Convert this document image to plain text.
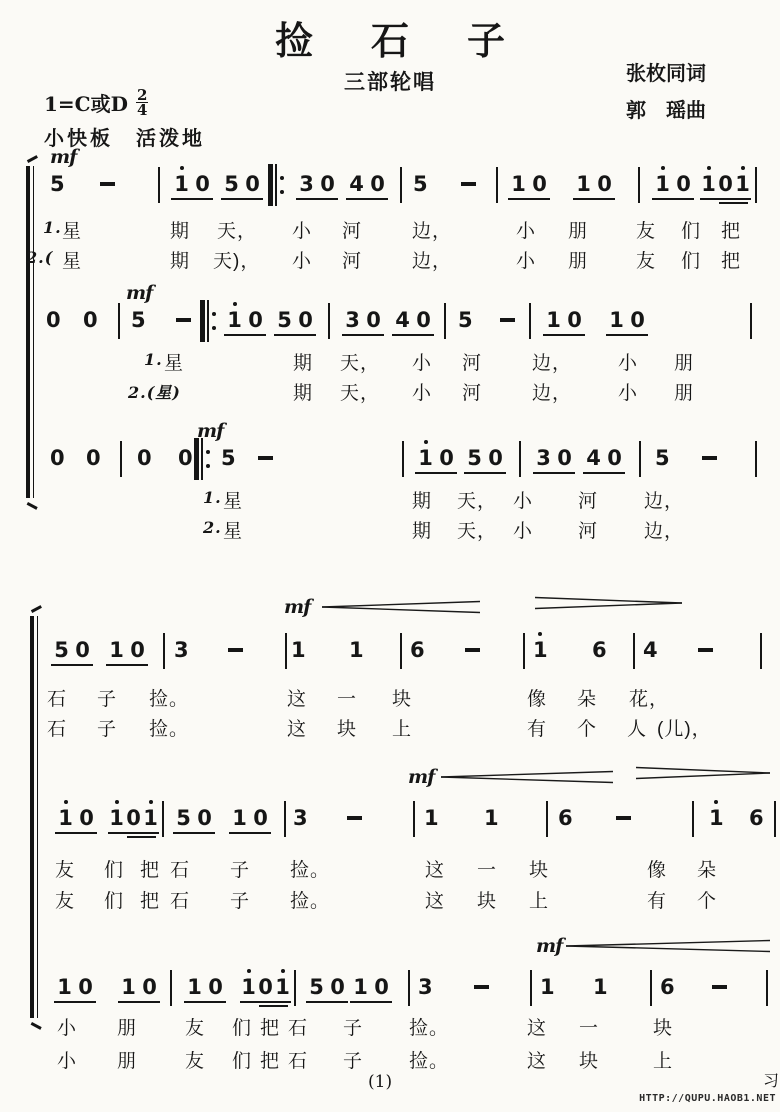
捡石子
三部轮唱	张枚同词
郭　瑶曲
1=C或D $\frac{2}{4}$
小快板　活泼地
5	1 0 5 0 3 0 4 0 5	1 0 1 0 1 0 1 0 1
mf
1. 星	期 天， 小 河	边，	小 朋	友 们 把
2.( 星	期 天)， 小 河	边，	小 朋	友 们 把
0 0 5	1 0 5 0 3 0 4 0 5	1 0 1 0
mf
1. 星	期 天， 小 河	边， 小 朋
2.(星)	期 天， 小 河	边， 小 朋
0 0 0 0 5	1 0 5 0 3 0 4 0 5
mf
1. 星	期 天， 小 河 边，
2. 星	期 天， 小 河 边，
5 0 1 0 3	1 1 6	1 6 4
mf
石 子 捡。	这 一 块	像 朵 花，
石 子 捡。	这 块 上	有 个 人 (儿)，
1 0 1 0 1 5 0 1 0 3	1 1	6	1 6
mf
友 们 把 石 子 捡。	这 一 块	像 朵
友 们 把 石 子 捡。	这 块 上	有 个
1 0 1 0 1 0 1 0 1 5 0 1 0 3	1 1 6
mf
小 朋	友 们 把 石 子 捡。	这 一	块
小 朋	友 们 把 石 子 捡。	这 块	上
(1)	习
HTTP://QUPU.HAOB1.NET
